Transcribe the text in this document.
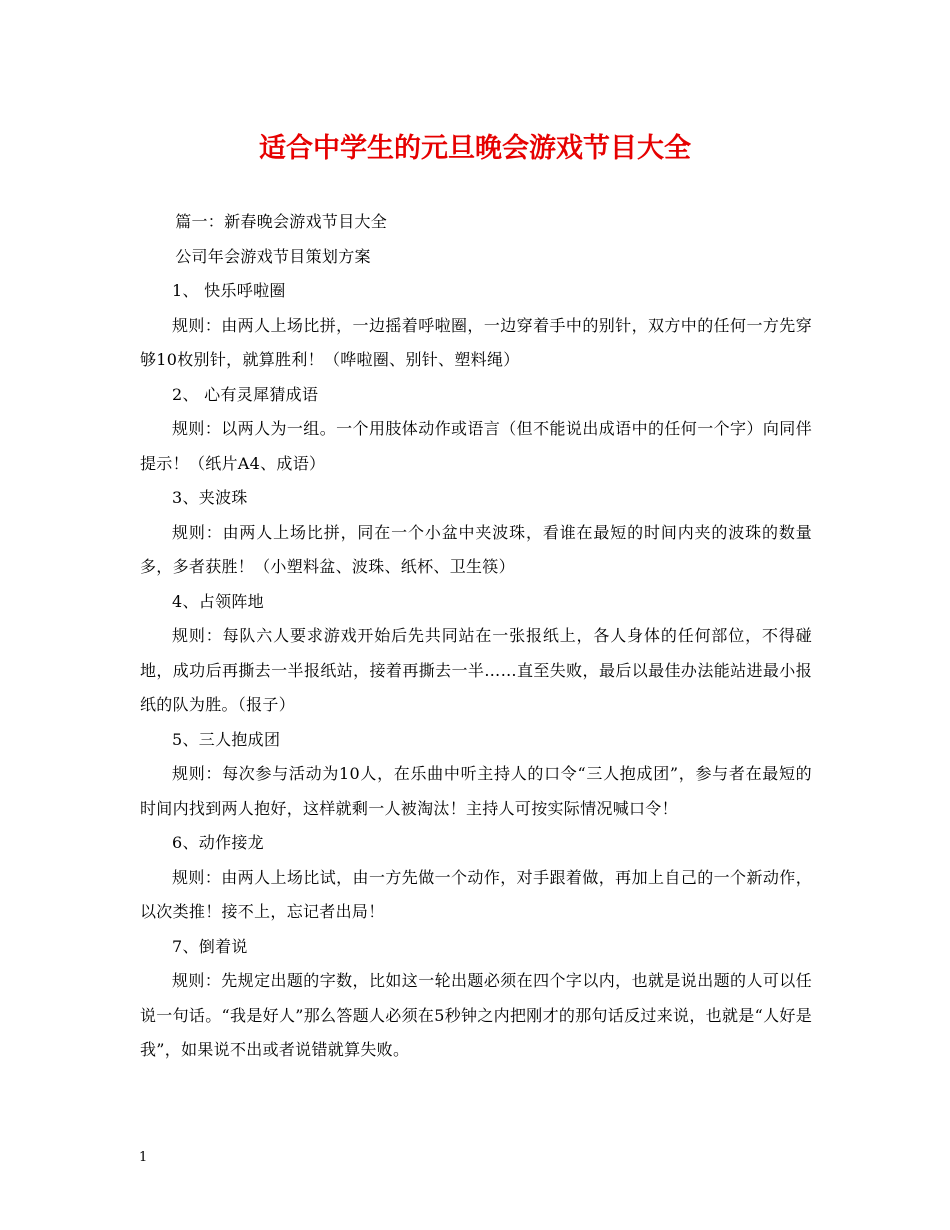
适合中学生的元旦晚会游戏节目大全

篇一：新春晚会游戏节目大全

公司年会游戏节目策划方案

1、 快乐呼啦圈

规则：由两人上场比拼，一边摇着呼啦圈，一边穿着手中的别针，双方中的任何一方先穿够10枚别针，就算胜利！（哗啦圈、别针、塑料绳）

2、 心有灵犀猜成语

规则：以两人为一组。一个用肢体动作或语言（但不能说出成语中的任何一个字）向同伴提示！（纸片A4、成语）

3、夹波珠

规则：由两人上场比拼，同在一个小盆中夹波珠，看谁在最短的时间内夹的波珠的数量多，多者获胜！（小塑料盆、波珠、纸杯、卫生筷）

4、占领阵地

规则：每队六人要求游戏开始后先共同站在一张报纸上，各人身体的任何部位，不得碰地，成功后再撕去一半报纸站，接着再撕去一半……直至失败，最后以最佳办法能站进最小报纸的队为胜。（报子）

5、三人抱成团

规则：每次参与活动为10人，在乐曲中听主持人的口令“三人抱成团”，参与者在最短的时间内找到两人抱好，这样就剩一人被淘汰！主持人可按实际情况喊口令！

6、动作接龙

规则：由两人上场比试，由一方先做一个动作，对手跟着做，再加上自己的一个新动作，以次类推！接不上，忘记者出局！

7、倒着说

规则：先规定出题的字数，比如这一轮出题必须在四个字以内，也就是说出题的人可以任说一句话。“我是好人”那么答题人必须在5秒钟之内把刚才的那句话反过来说，也就是“人好是我”，如果说不出或者说错就算失败。

1
